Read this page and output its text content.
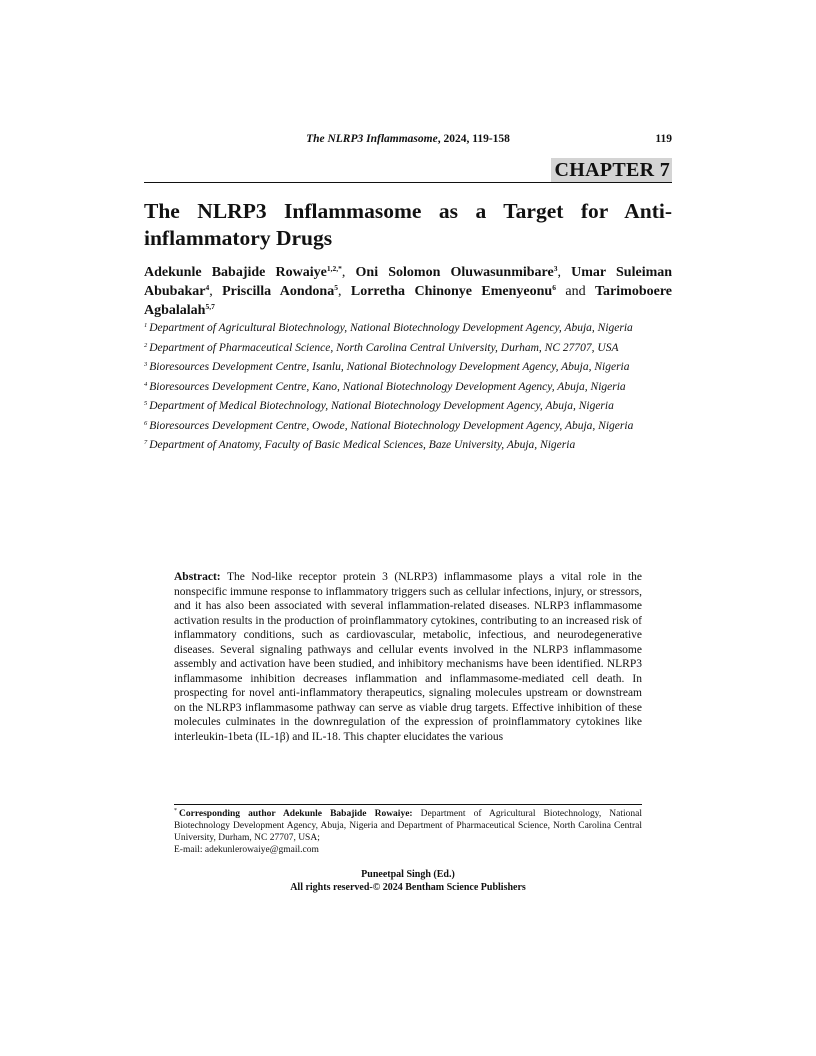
The NLRP3 Inflammasome, 2024, 119-158	119
CHAPTER 7
The NLRP3 Inflammasome as a Target for Anti-inflammatory Drugs

Adekunle Babajide Rowaiye$^{1,2,*}$, Oni Solomon Oluwasunmibare$^3$, Umar Suleiman Abubakar$^4$, Priscilla Aondona$^5$, Lorretha Chinonye Emenyeonu$^6$ and Tarimoboere Agbalalah$^{5,7}$

$^1$ Department of Agricultural Biotechnology, National Biotechnology Development Agency, Abuja, Nigeria

$^2$ Department of Pharmaceutical Science, North Carolina Central University, Durham, NC 27707, USA

$^3$ Bioresources Development Centre, Isanlu, National Biotechnology Development Agency, Abuja, Nigeria

$^4$ Bioresources Development Centre, Kano, National Biotechnology Development Agency, Abuja, Nigeria

$^5$ Department of Medical Biotechnology, National Biotechnology Development Agency, Abuja, Nigeria

$^6$ Bioresources Development Centre, Owode, National Biotechnology Development Agency, Abuja, Nigeria

$^7$ Department of Anatomy, Faculty of Basic Medical Sciences, Baze University, Abuja, Nigeria

Abstract: The Nod-like receptor protein 3 (NLRP3) inflammasome plays a vital role in the nonspecific immune response to inflammatory triggers such as cellular infections, injury, or stressors, and it has also been associated with several inflammation-related diseases. NLRP3 inflammasome activation results in the production of proinflammatory cytokines, contributing to an increased risk of inflammatory conditions, such as cardiovascular, metabolic, infectious, and neurodegenerative diseases. Several signaling pathways and cellular events involved in the NLRP3 inflammasome assembly and activation have been studied, and inhibitory mechanisms have been identified. NLRP3 inflammasome inhibition decreases inflammation and inflammasome-mediated cell death. In prospecting for novel anti-inflammatory therapeutics, signaling molecules upstream or downstream on the NLRP3 inflammasome pathway can serve as viable drug targets. Effective inhibition of these molecules culminates in the downregulation of the expression of proinflammatory cytokines like interleukin-1beta (IL-1β) and IL-18. This chapter elucidates the various

* Corresponding author Adekunle Babajide Rowaiye: Department of Agricultural Biotechnology, National Biotechnology Development Agency, Abuja, Nigeria and Department of Pharmaceutical Science, North Carolina Central University, Durham, NC 27707, USA;
E-mail: adekunlerowaiye@gmail.com

Puneetpal Singh (Ed.)
All rights reserved-© 2024 Bentham Science Publishers
